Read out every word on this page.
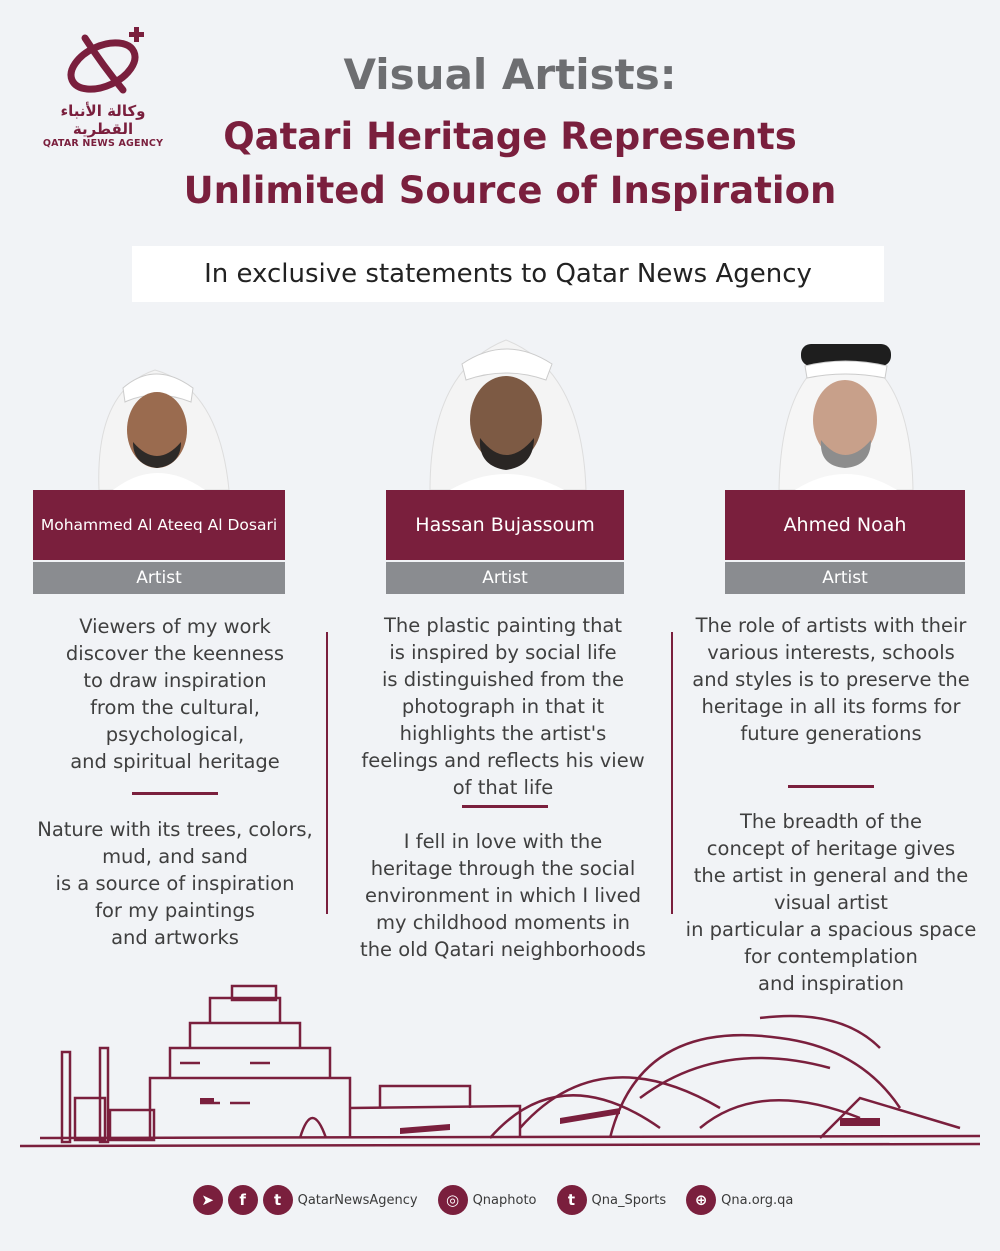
وكالة الأنباء القطرية
QATAR NEWS AGENCY
Visual Artists:
Qatari Heritage Represents
Unlimited Source of Inspiration
In exclusive statements to Qatar News Agency
Mohammed Al Ateeq Al Dosari
Artist
Hassan Bujassoum
Artist
Ahmed Noah
Artist
Viewers of my work
discover the keenness
to draw inspiration
from the cultural,
psychological,
and spiritual heritage
Nature with its trees, colors,
mud, and sand
is a source of inspiration
for my paintings
and artworks
The plastic painting that
is inspired by social life
is distinguished from the
photograph in that it
highlights the artist's
feelings and reflects his view
of that life
I fell in love with the
heritage through the social
environment in which I lived
my childhood moments in
the old Qatari neighborhoods
The role of artists with their
various interests, schools
and styles is to preserve the
heritage in all its forms for
future generations
The breadth of the
concept of heritage gives
the artist in general and the
visual artist
in particular a spacious space
for contemplation
and inspiration
➤	f	t	QatarNewsAgency	◎	Qnaphoto	t	Qna_Sports	⊕	Qna.org.qa
